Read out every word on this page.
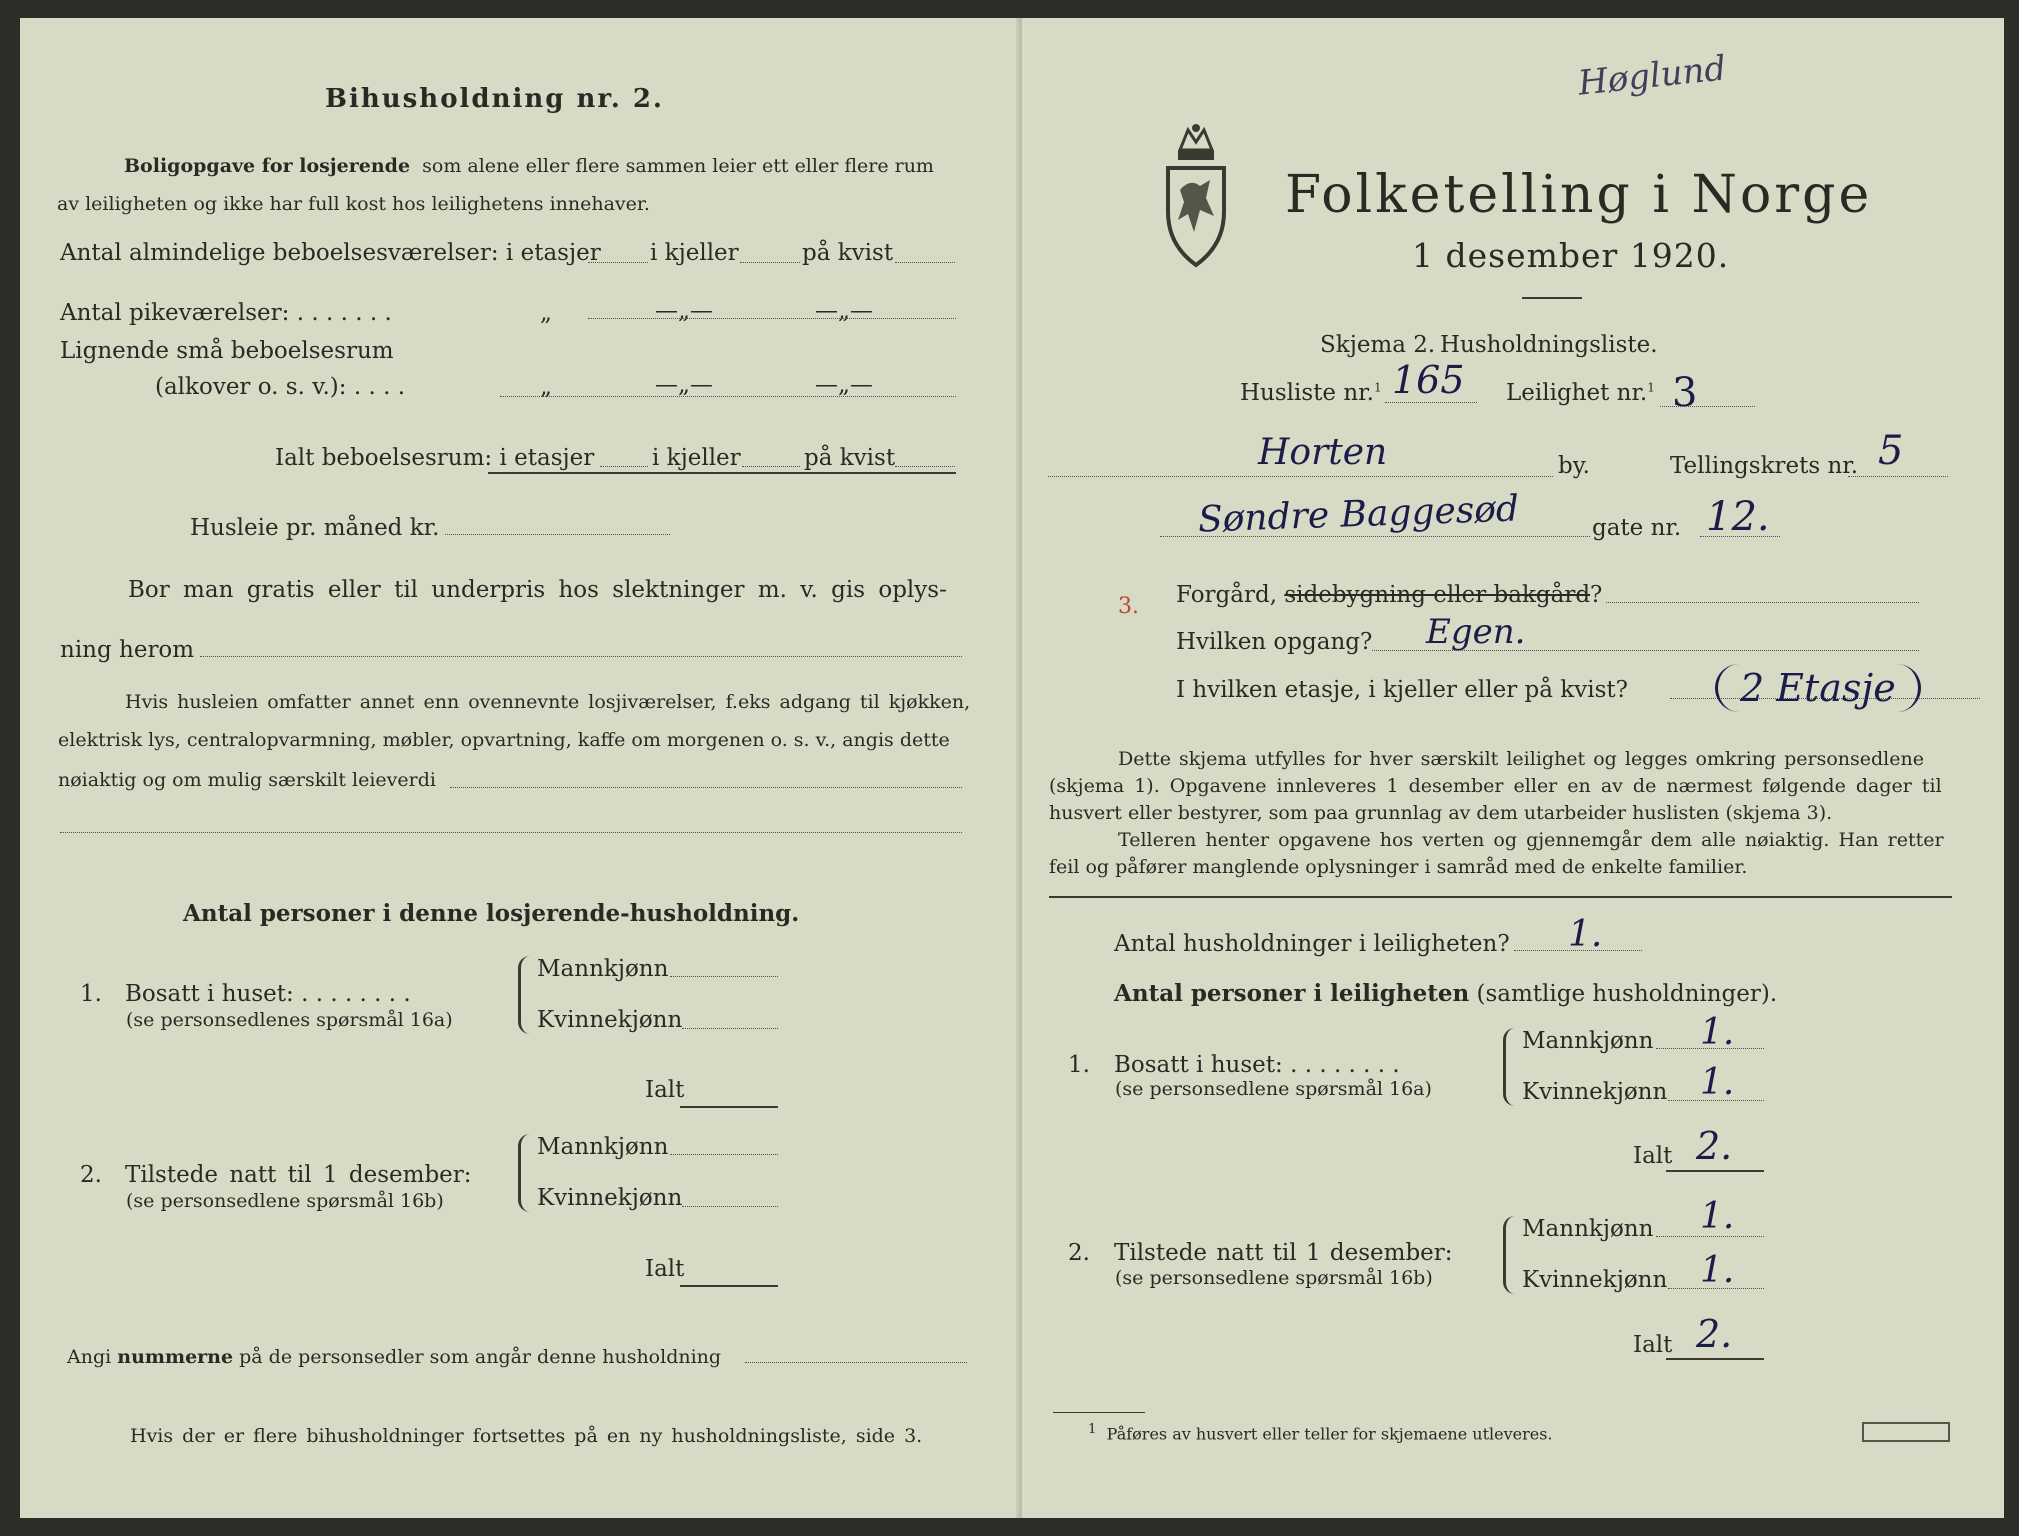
Bihusholdning nr. 2.
Boligopgave for losjerende som alene eller flere sammen leier ett eller flere rum
av leiligheten og ikke har full kost hos leilighetens innehaver.
Antal almindelige beboelsesværelser: i etasjer i kjeller	på kvist
Antal pikeværelser: . . . . . . .	„	—„—	—„—
Lignende små beboelsesrum
(alkover o. s. v.): . . . .	„	—„—	—„—
Ialt beboelsesrum: i etasjer	i kjeller	på kvist
Husleie pr. måned kr.
Bor man gratis eller til underpris hos slektninger m. v. gis oplys-
ning herom
Hvis husleien omfatter annet enn ovennevnte losjiværelser, f.eks adgang til kjøkken,
elektrisk lys, centralopvarmning, møbler, opvartning, kaffe om morgenen o. s. v., angis dette
nøiaktig og om mulig særskilt leieverdi
Antal personer i denne losjerende-husholdning.
1. Bosatt i huset: . . . . . . . .
(se personsedlenes spørsmål 16a)
Mannkjønn
Kvinnekjønn
Ialt
2. Tilstede natt til 1 desember:
(se personsedlene spørsmål 16b)
Mannkjønn
Kvinnekjønn
Ialt
Angi nummerne på de personsedler som angår denne husholdning
Hvis der er flere bihusholdninger fortsettes på en ny husholdningsliste, side 3.
Høglund
Folketelling i Norge
1 desember 1920.
Skjema 2. Husholdningsliste.
Husliste nr.$^1$ 165 Leilighet nr.$^1$ 3
Horten	by.	Tellingskrets nr. 5
Søndre Baggesød	gate nr. 12.
3. Forgård, sidebygning eller bakgård?
Hvilken opgang? Egen.
I hvilken etasje, i kjeller eller på kvist?	2 Etasje
Dette skjema utfylles for hver særskilt leilighet og legges omkring personsedlene
(skjema 1). Opgavene innleveres 1 desember eller en av de nærmest følgende dager til
husvert eller bestyrer, som paa grunnlag av dem utarbeider huslisten (skjema 3).
Telleren henter opgavene hos verten og gjennemgår dem alle nøiaktig. Han retter
feil og påfører manglende oplysninger i samråd med de enkelte familier.
Antal husholdninger i leiligheten? 1.
Antal personer i leiligheten (samtlige husholdninger).
1. Bosatt i huset: . . . . . . . .
(se personsedlene spørsmål 16a)
Mannkjønn 1.
Kvinnekjønn 1.
Ialt 2.
2. Tilstede natt til 1 desember:
(se personsedlene spørsmål 16b)
Mannkjønn 1.
Kvinnekjønn 1.
Ialt 2.
$^1$ Påføres av husvert eller teller for skjemaene utleveres.
